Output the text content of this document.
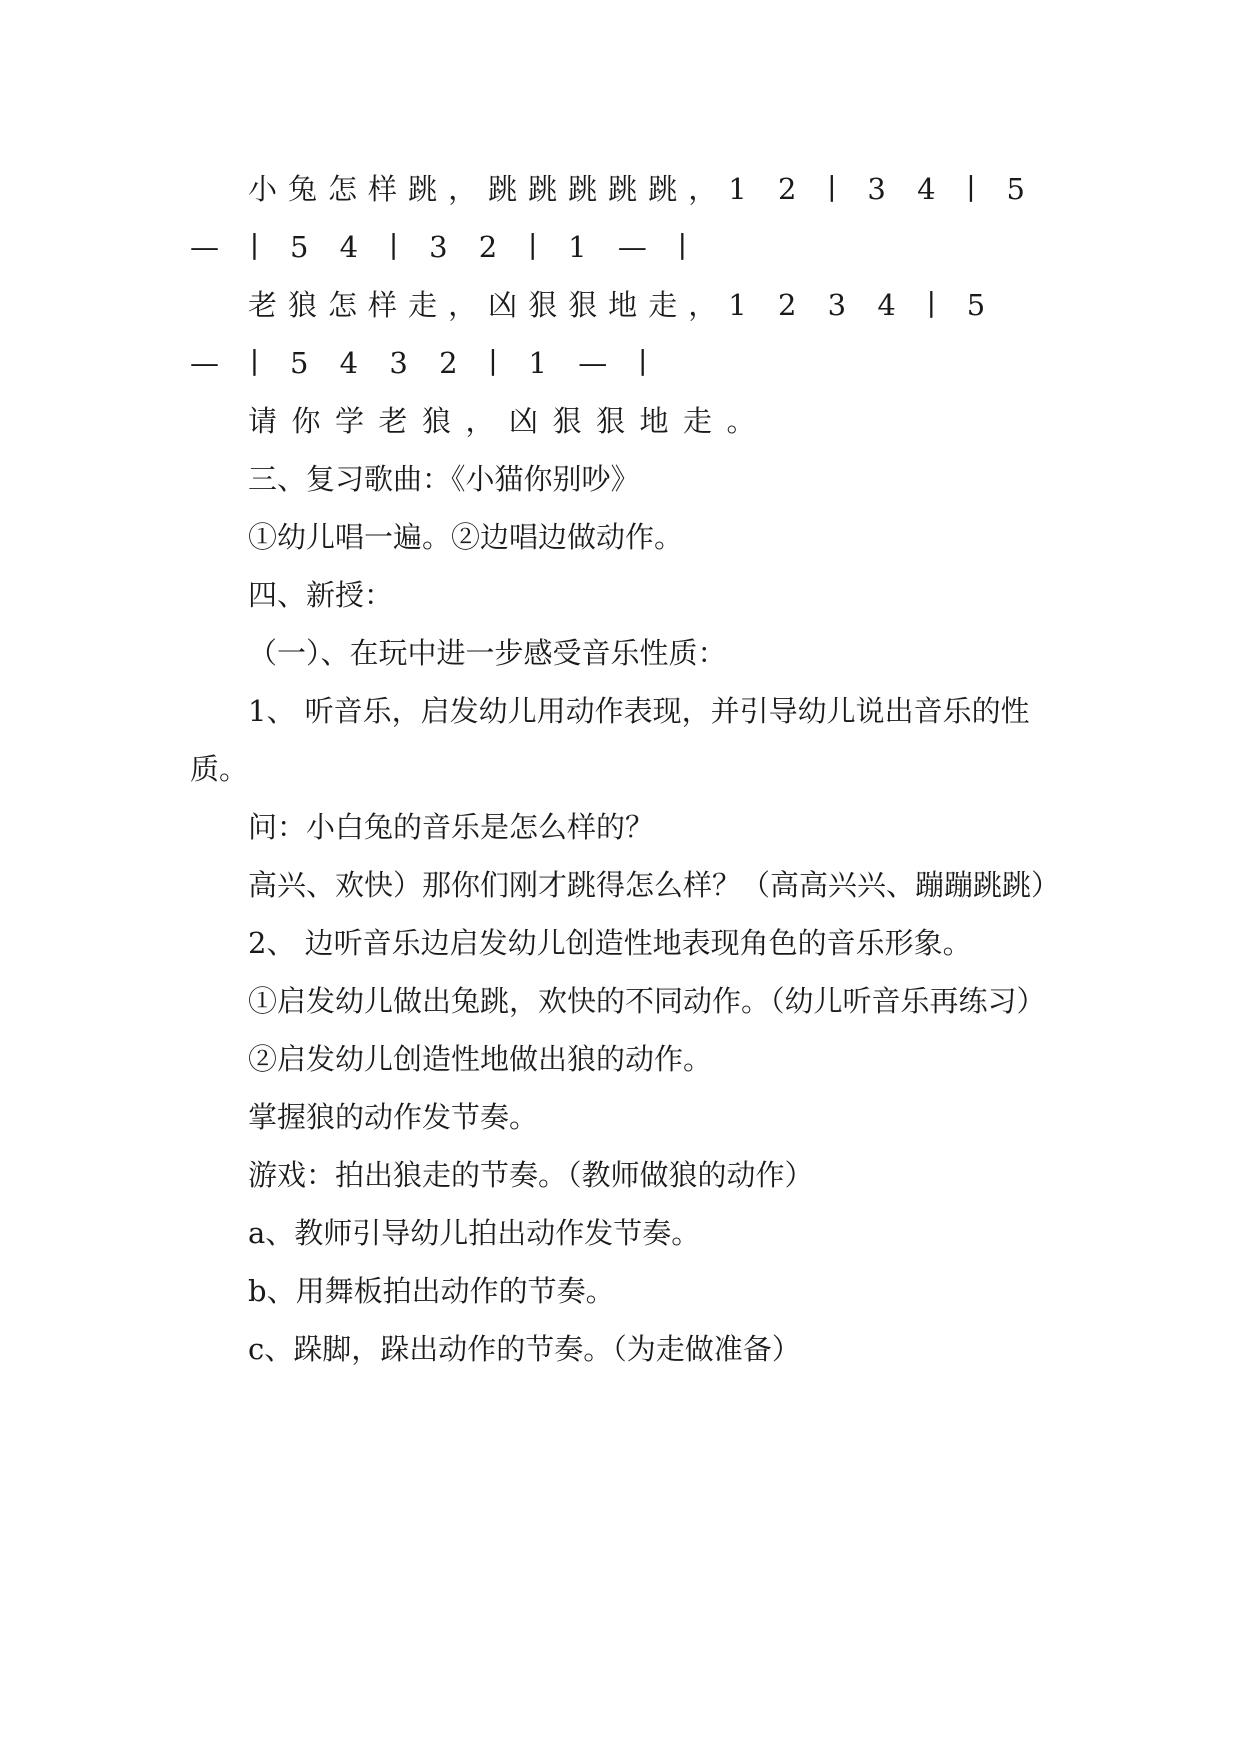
小兔怎样跳，跳跳跳跳跳，1 2 ∣ 3 4 ∣ 5 — ∣ 5 4 ∣ 3 2 ∣ 1 — ∣

老狼怎样走，凶狠狠地走，1 2 3 4 ∣ 5 — ∣ 5 4 3 2 ∣ 1 — ∣

请你学老狼，凶狠狠地走。

三、复习歌曲：《小猫你别吵》

①幼儿唱一遍。②边唱边做动作。

四、新授：

（一）、在玩中进一步感受音乐性质：

1、 听音乐，启发幼儿用动作表现，并引导幼儿说出音乐的性质。

问：小白兔的音乐是怎么样的？

高兴、欢快）那你们刚才跳得怎么样？（高高兴兴、蹦蹦跳跳）

2、 边听音乐边启发幼儿创造性地表现角色的音乐形象。

①启发幼儿做出兔跳，欢快的不同动作。（幼儿听音乐再练习）

②启发幼儿创造性地做出狼的动作。

掌握狼的动作发节奏。

游戏：拍出狼走的节奏。（教师做狼的动作）

a、教师引导幼儿拍出动作发节奏。

b、用舞板拍出动作的节奏。

c、跺脚，跺出动作的节奏。（为走做准备）
